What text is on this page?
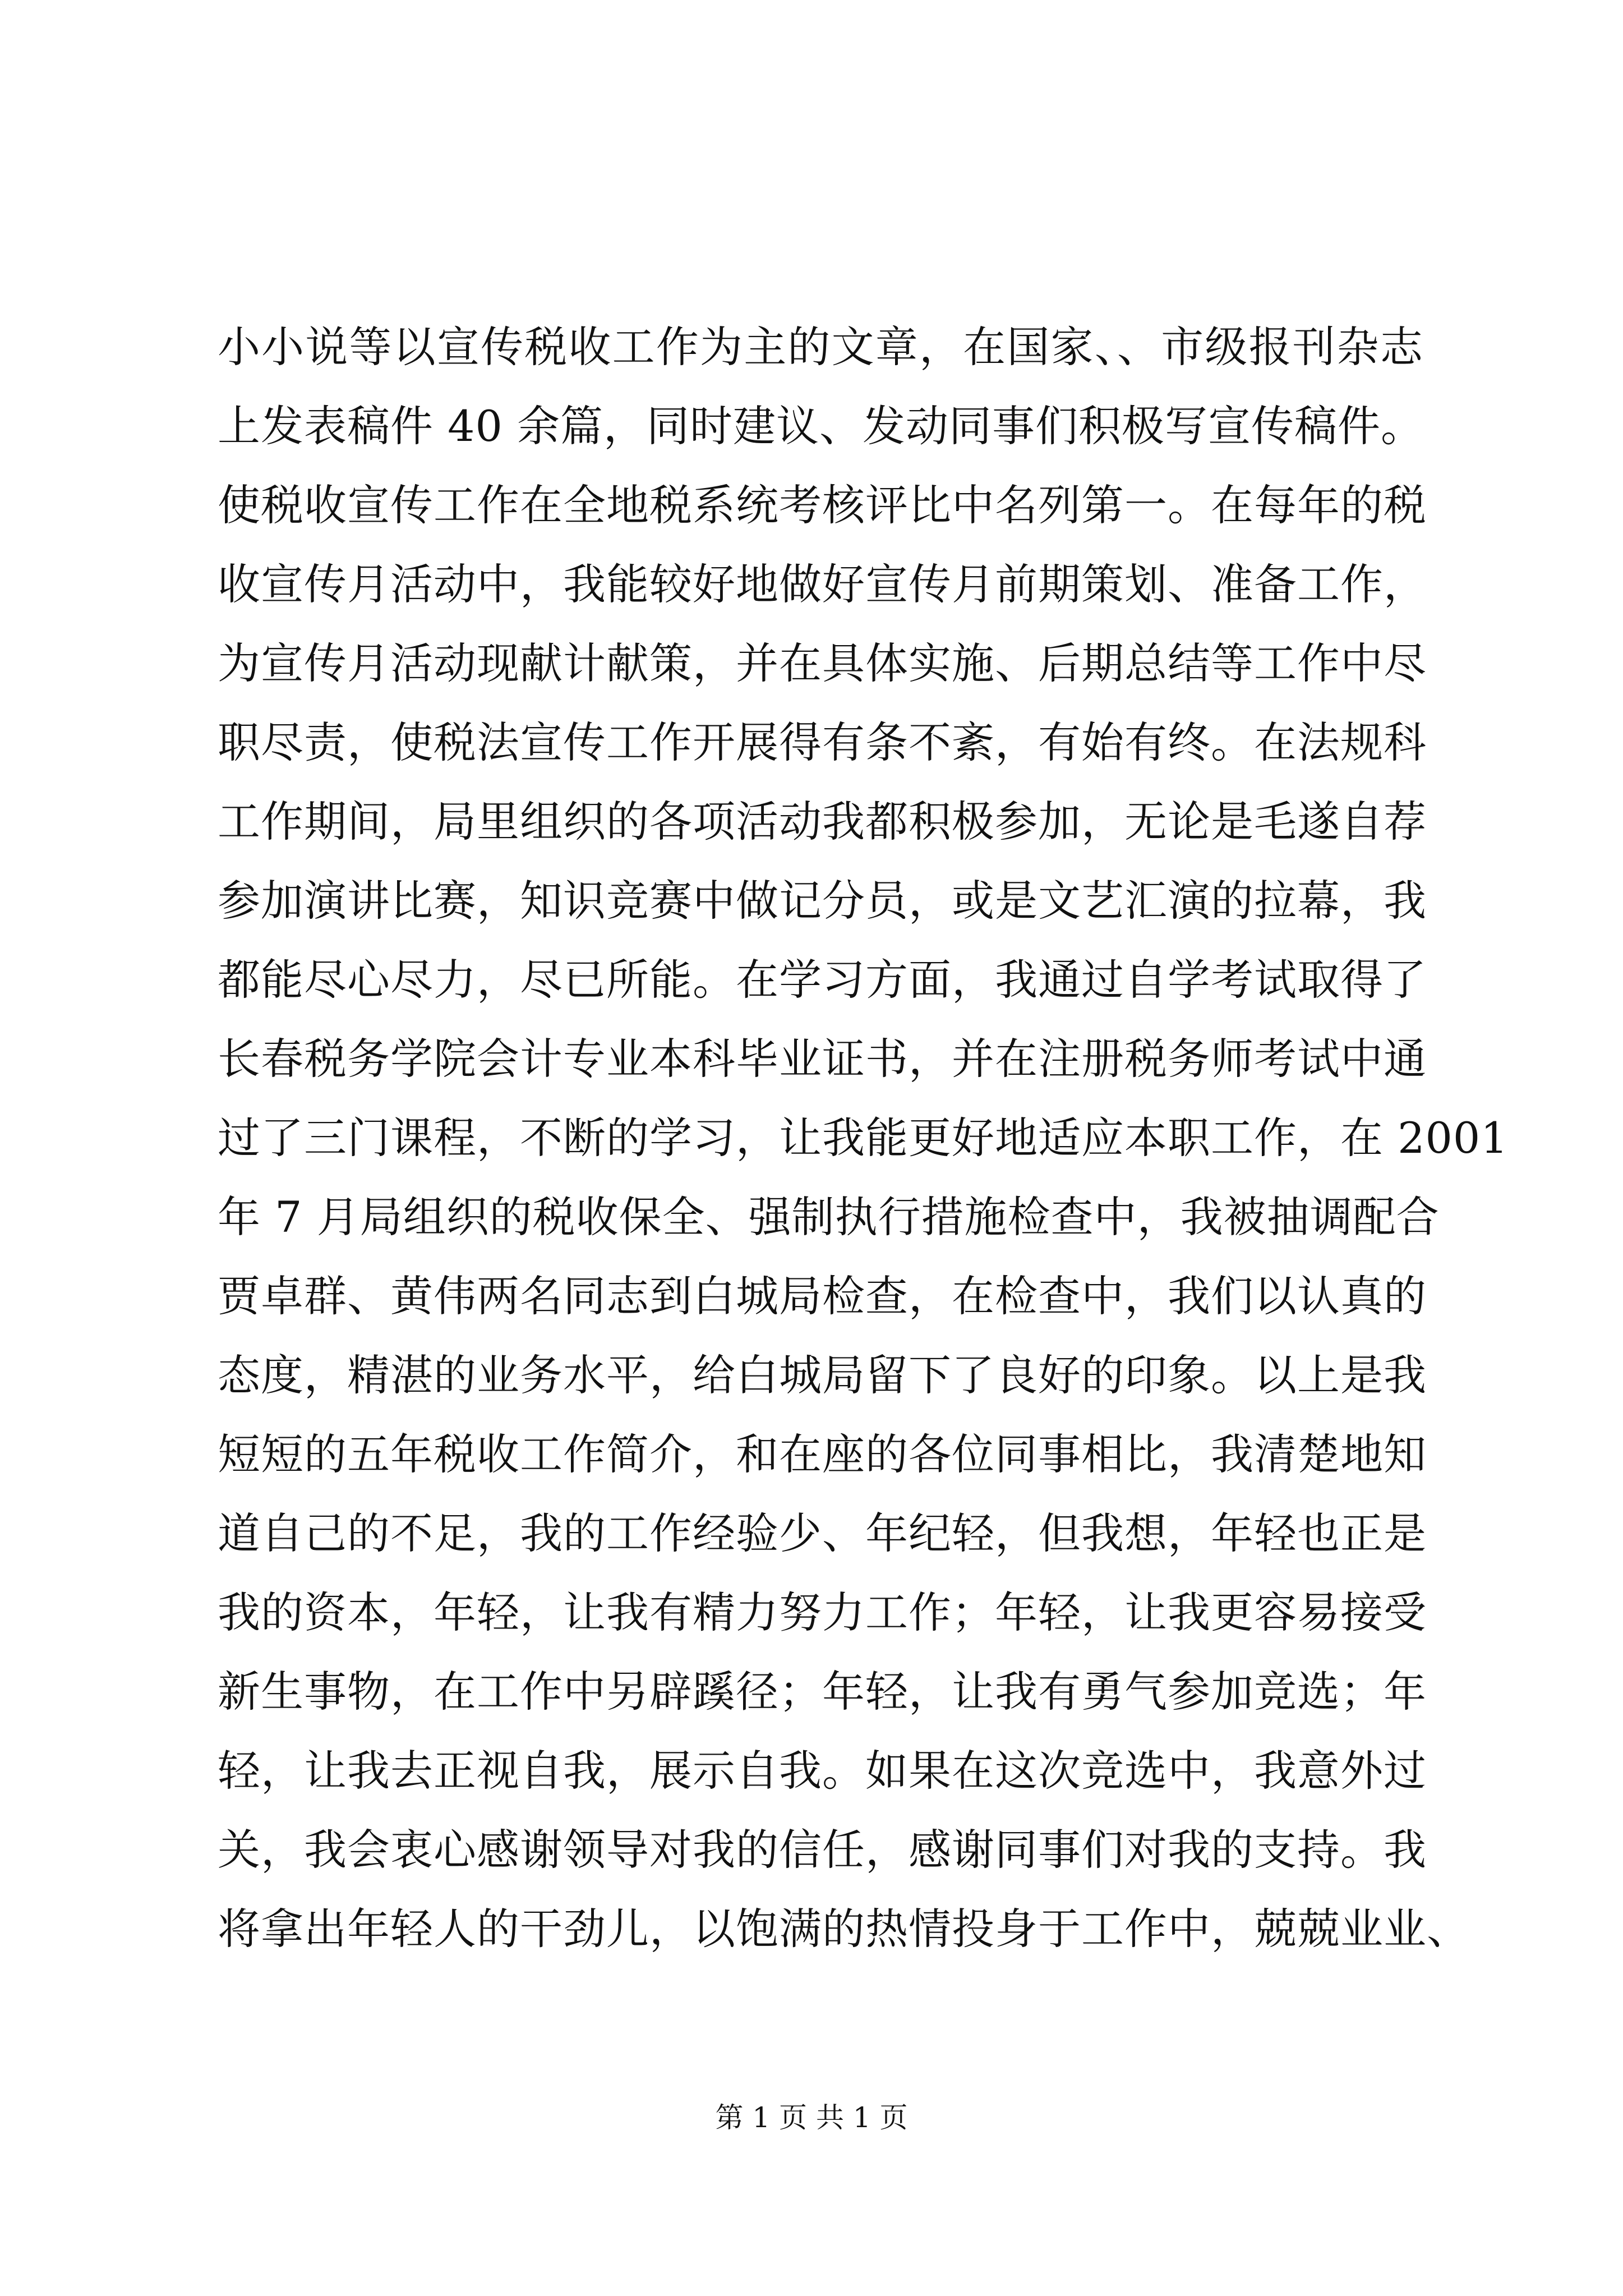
小小说等以宣传税收工作为主的文章，在国家、、市级报刊杂志
上发表稿件 40 余篇，同时建议、发动同事们积极写宣传稿件。
使税收宣传工作在全地税系统考核评比中名列第一。在每年的税
收宣传月活动中，我能较好地做好宣传月前期策划、准备工作，
为宣传月活动现献计献策，并在具体实施、后期总结等工作中尽
职尽责，使税法宣传工作开展得有条不紊，有始有终。在法规科
工作期间，局里组织的各项活动我都积极参加，无论是毛遂自荐
参加演讲比赛，知识竞赛中做记分员，或是文艺汇演的拉幕，我
都能尽心尽力，尽已所能。在学习方面，我通过自学考试取得了
长春税务学院会计专业本科毕业证书，并在注册税务师考试中通
过了三门课程，不断的学习，让我能更好地适应本职工作，在 2001
年 7 月局组织的税收保全、强制执行措施检查中，我被抽调配合
贾卓群、黄伟两名同志到白城局检查，在检查中，我们以认真的
态度，精湛的业务水平，给白城局留下了良好的印象。以上是我
短短的五年税收工作简介，和在座的各位同事相比，我清楚地知
道自己的不足，我的工作经验少、年纪轻，但我想，年轻也正是
我的资本，年轻，让我有精力努力工作；年轻，让我更容易接受
新生事物，在工作中另辟蹊径；年轻，让我有勇气参加竞选；年
轻，让我去正视自我，展示自我。如果在这次竞选中，我意外过
关，我会衷心感谢领导对我的信任，感谢同事们对我的支持。我
将拿出年轻人的干劲儿，以饱满的热情投身于工作中，兢兢业业、
第 1 页 共 1 页
